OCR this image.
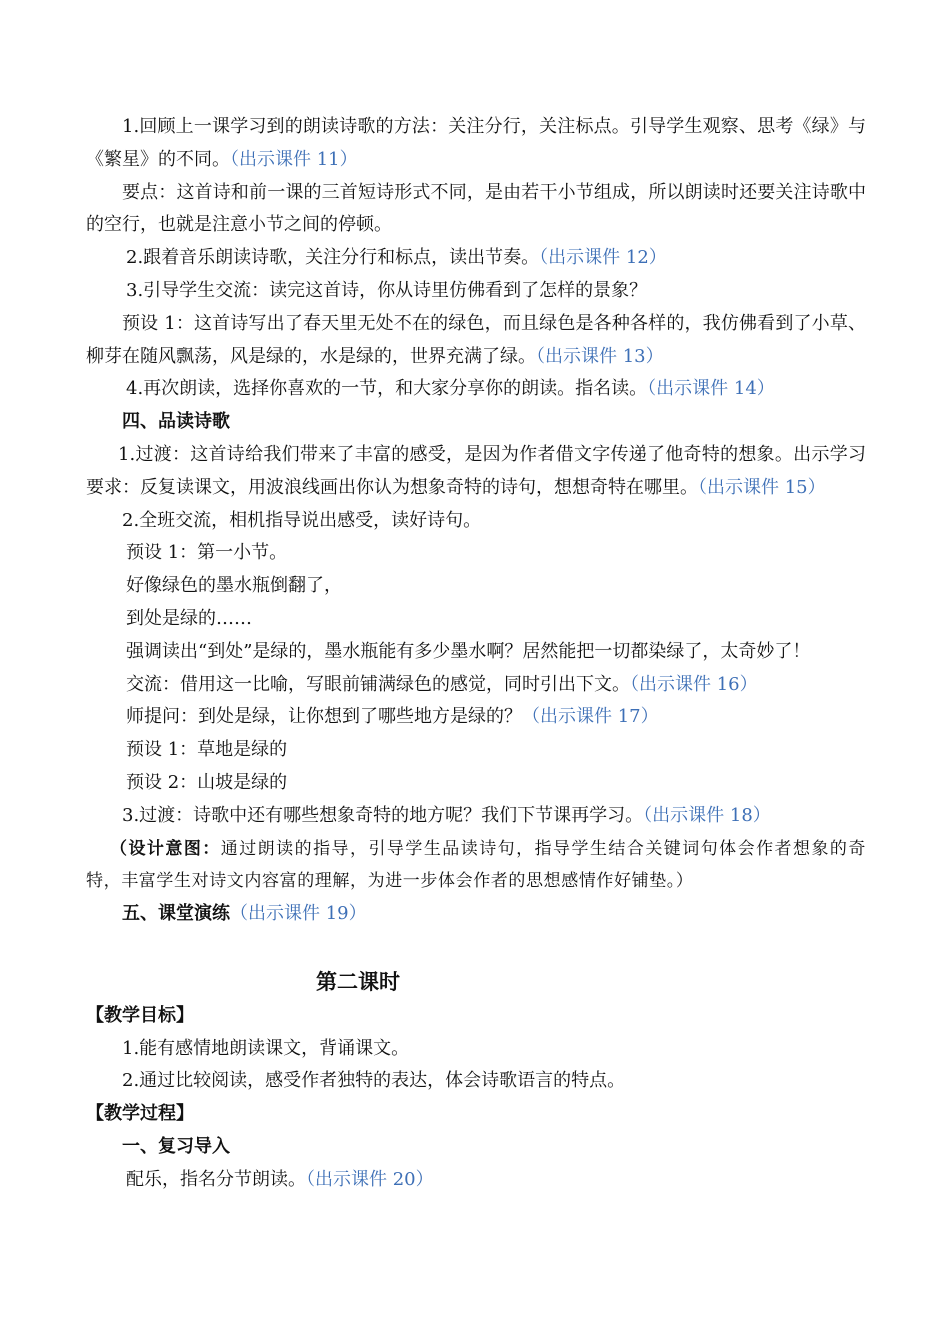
1.回顾上一课学习到的朗读诗歌的方法：关注分行，关注标点。引导学生观察、思考《绿》与《繁星》的不同。（出示课件 11）

要点：这首诗和前一课的三首短诗形式不同，是由若干小节组成，所以朗读时还要关注诗歌中的空行，也就是注意小节之间的停顿。

2.跟着音乐朗读诗歌，关注分行和标点，读出节奏。（出示课件 12）

3.引导学生交流：读完这首诗，你从诗里仿佛看到了怎样的景象？

预设 1：这首诗写出了春天里无处不在的绿色，而且绿色是各种各样的，我仿佛看到了小草、柳芽在随风飘荡，风是绿的，水是绿的，世界充满了绿。（出示课件 13）

4.再次朗读，选择你喜欢的一节，和大家分享你的朗读。指名读。（出示课件 14）

四、品读诗歌

1.过渡：这首诗给我们带来了丰富的感受，是因为作者借文字传递了他奇特的想象。出示学习要求：反复读课文，用波浪线画出你认为想象奇特的诗句，想想奇特在哪里。（出示课件 15）

2.全班交流，相机指导说出感受，读好诗句。

预设 1：第一小节。

好像绿色的墨水瓶倒翻了，

到处是绿的……

强调读出“到处”是绿的，墨水瓶能有多少墨水啊？居然能把一切都染绿了，太奇妙了！

交流：借用这一比喻，写眼前铺满绿色的感觉，同时引出下文。（出示课件 16）

师提问：到处是绿，让你想到了哪些地方是绿的？（出示课件 17）

预设 1：草地是绿的

预设 2：山坡是绿的

3.过渡：诗歌中还有哪些想象奇特的地方呢？我们下节课再学习。（出示课件 18）

（设计意图：通过朗读的指导，引导学生品读诗句，指导学生结合关键词句体会作者想象的奇特，丰富学生对诗文内容富的理解，为进一步体会作者的思想感情作好铺垫。）

五、课堂演练（出示课件 19）

第二课时

【教学目标】

1.能有感情地朗读课文，背诵课文。

2.通过比较阅读，感受作者独特的表达，体会诗歌语言的特点。

【教学过程】

一、复习导入

配乐，指名分节朗读。（出示课件 20）
